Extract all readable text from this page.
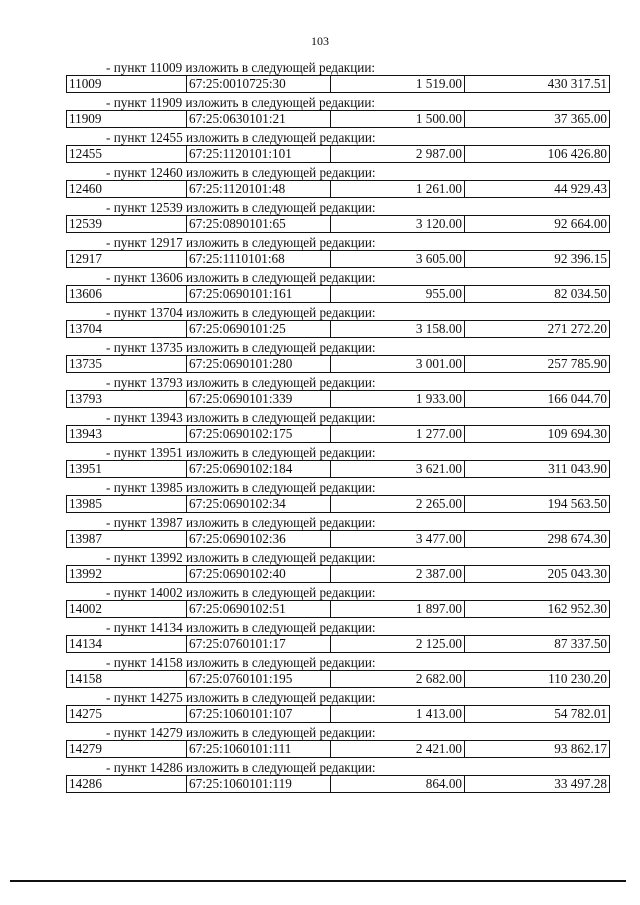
103
- пункт 11009 изложить в следующей редакции:
11009	67:25:0010725:30	1 519.00	430 317.51
- пункт 11909 изложить в следующей редакции:
11909	67:25:0630101:21	1 500.00	37 365.00
- пункт 12455 изложить в следующей редакции:
12455	67:25:1120101:101	2 987.00	106 426.80
- пункт 12460 изложить в следующей редакции:
12460	67:25:1120101:48	1 261.00	44 929.43
- пункт 12539 изложить в следующей редакции:
12539	67:25:0890101:65	3 120.00	92 664.00
- пункт 12917 изложить в следующей редакции:
12917	67:25:1110101:68	3 605.00	92 396.15
- пункт 13606 изложить в следующей редакции:
13606	67:25:0690101:161	955.00	82 034.50
- пункт 13704 изложить в следующей редакции:
13704	67:25:0690101:25	3 158.00	271 272.20
- пункт 13735 изложить в следующей редакции:
13735	67:25:0690101:280	3 001.00	257 785.90
- пункт 13793 изложить в следующей редакции:
13793	67:25:0690101:339	1 933.00	166 044.70
- пункт 13943 изложить в следующей редакции:
13943	67:25:0690102:175	1 277.00	109 694.30
- пункт 13951 изложить в следующей редакции:
13951	67:25:0690102:184	3 621.00	311 043.90
- пункт 13985 изложить в следующей редакции:
13985	67:25:0690102:34	2 265.00	194 563.50
- пункт 13987 изложить в следующей редакции:
13987	67:25:0690102:36	3 477.00	298 674.30
- пункт 13992 изложить в следующей редакции:
13992	67:25:0690102:40	2 387.00	205 043.30
- пункт 14002 изложить в следующей редакции:
14002	67:25:0690102:51	1 897.00	162 952.30
- пункт 14134 изложить в следующей редакции:
14134	67:25:0760101:17	2 125.00	87 337.50
- пункт 14158 изложить в следующей редакции:
14158	67:25:0760101:195	2 682.00	110 230.20
- пункт 14275 изложить в следующей редакции:
14275	67:25:1060101:107	1 413.00	54 782.01
- пункт 14279 изложить в следующей редакции:
14279	67:25:1060101:111	2 421.00	93 862.17
- пункт 14286 изложить в следующей редакции:
14286	67:25:1060101:119	864.00	33 497.28
